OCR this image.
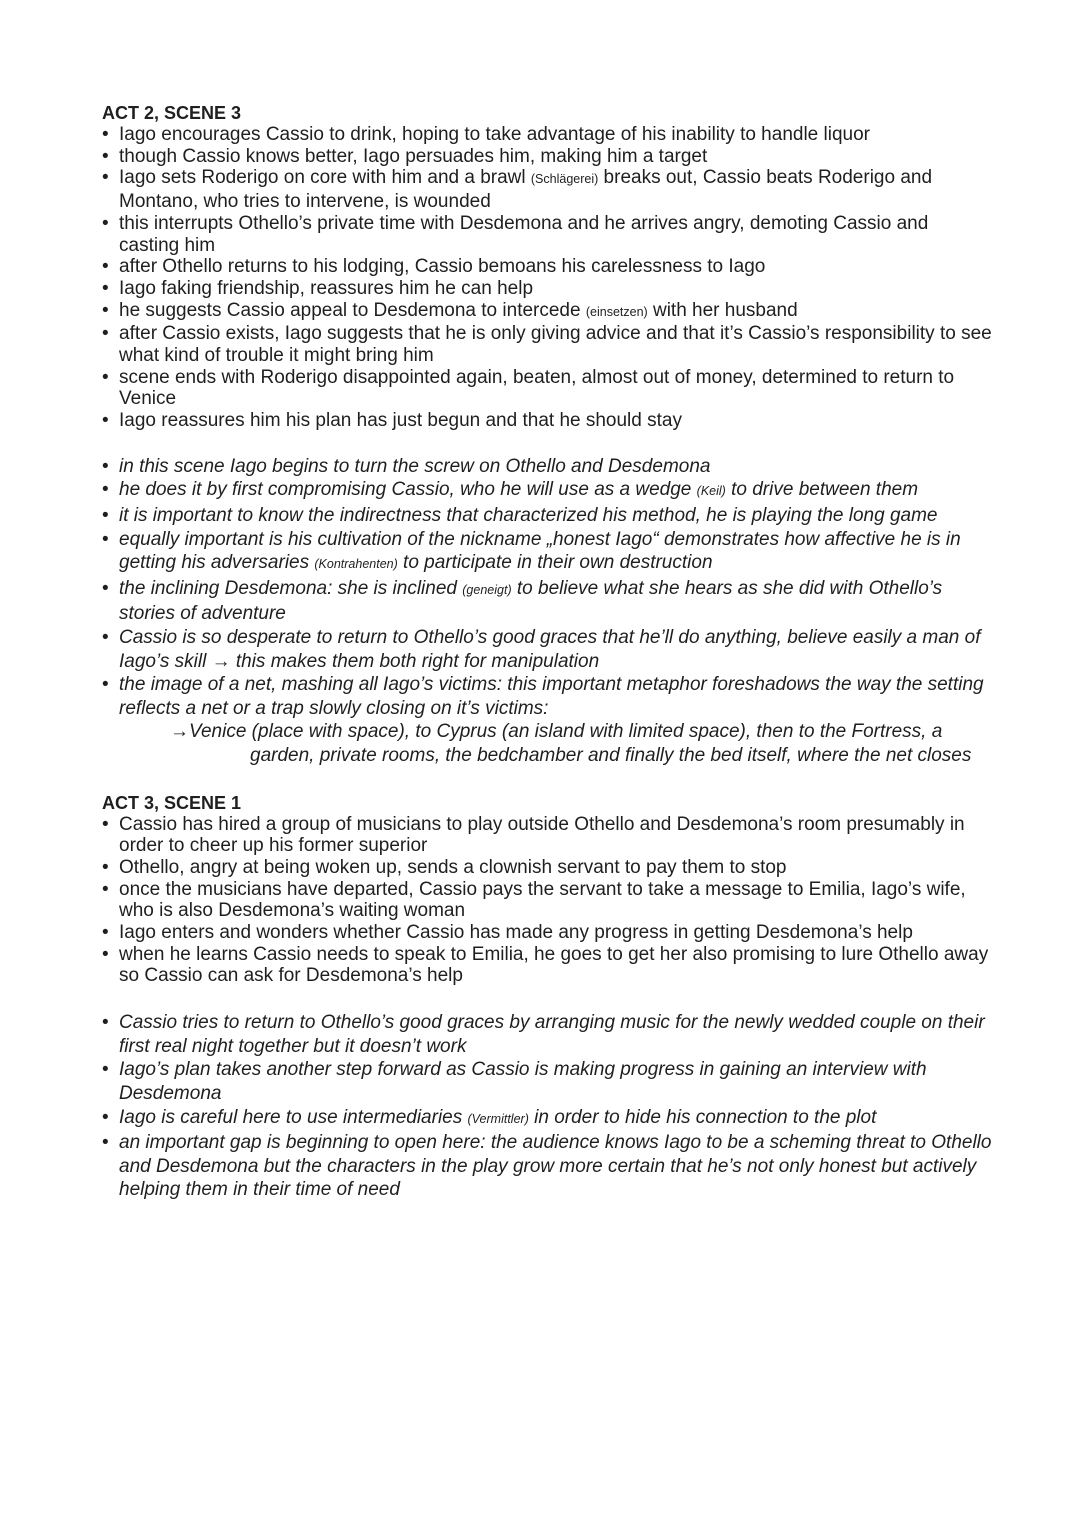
ACT 2, SCENE 3
• Iago encourages Cassio to drink, hoping to take advantage of his inability to handle liquor
• though Cassio knows better, Iago persuades him, making him a target
• Iago sets Roderigo on core with him and a brawl (Schlägerei) breaks out, Cassio beats Roderigo and Montano, who tries to intervene, is wounded
• this interrupts Othello’s private time with Desdemona and he arrives angry, demoting Cassio and casting him
• after Othello returns to his lodging, Cassio bemoans his carelessness to Iago
• Iago faking friendship, reassures him he can help
• he suggests Cassio appeal to Desdemona to intercede (einsetzen) with her husband
• after Cassio exists, Iago suggests that he is only giving advice and that it’s Cassio’s responsibility to see what kind of trouble it might bring him
• scene ends with Roderigo disappointed again, beaten, almost out of money, determined to return to Venice
• Iago reassures him his plan has just begun and that he should stay
• in this scene Iago begins to turn the screw on Othello and Desdemona
• he does it by first compromising Cassio, who he will use as a wedge (Keil) to drive between them
• it is important to know the indirectness that characterized his method, he is playing the long game
• equally important is his cultivation of the nickname „honest Iago“ demonstrates how affective he is in getting his adversaries (Kontrahenten) to participate in their own destruction
• the inclining Desdemona: she is inclined (geneigt) to believe what she hears as she did with Othello’s stories of adventure
• Cassio is so desperate to return to Othello’s good graces that he’ll do anything, believe easily a man of Iago’s skill → this makes them both right for manipulation
• the image of a net, mashing all Iago’s victims: this important metaphor foreshadows the way the setting reflects a net or a trap slowly closing on it’s victims:
→Venice (place with space), to Cyprus (an island with limited space), then to the Fortress, a
garden, private rooms, the bedchamber and finally the bed itself, where the net closes
ACT 3, SCENE 1
• Cassio has hired a group of musicians to play outside Othello and Desdemona’s room presumably in order to cheer up his former superior
• Othello, angry at being woken up, sends a clownish servant to pay them to stop
• once the musicians have departed, Cassio pays the servant to take a message to Emilia, Iago’s wife, who is also Desdemona’s waiting woman
• Iago enters and wonders whether Cassio has made any progress in getting Desdemona’s help
• when he learns Cassio needs to speak to Emilia, he goes to get her also promising to lure Othello away so Cassio can ask for Desdemona’s help
• Cassio tries to return to Othello’s good graces by arranging music for the newly wedded couple on their first real night together but it doesn’t work
• Iago’s plan takes another step forward as Cassio is making progress in gaining an interview with Desdemona
• Iago is careful here to use intermediaries (Vermittler) in order to hide his connection to the plot
• an important gap is beginning to open here: the audience knows Iago to be a scheming threat to Othello and Desdemona but the characters in the play grow more certain that he’s not only honest but actively helping them in their time of need
